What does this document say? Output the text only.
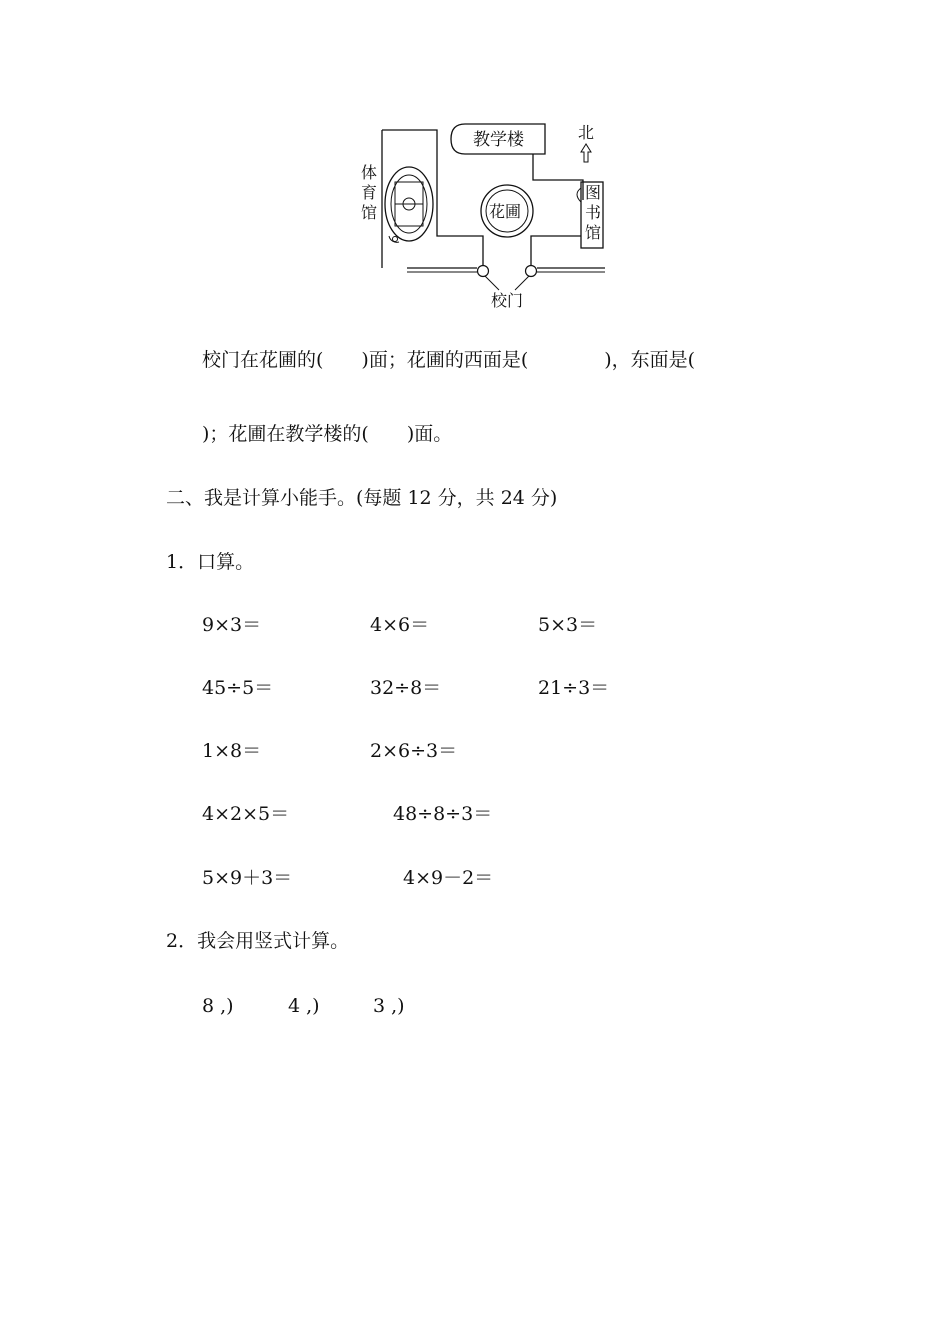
教学楼	北
花圃
图
书
馆
体
育
馆
校门
校门在花圃的(　　)面；花圃的西面是(　　　　)，东面是(
)；花圃在教学楼的(　　)面。
二、我是计算小能手。(每题 12 分，共 24 分)
1．口算。
9×3＝	4×6＝	5×3＝
45÷5＝	32÷8＝	21÷3＝
1×8＝	2×6÷3＝
4×2×5＝	48÷8÷3＝
5×9＋3＝	4×9－2＝
2．我会用竖式计算。
8 ,)	4 ,)	3 ,)
